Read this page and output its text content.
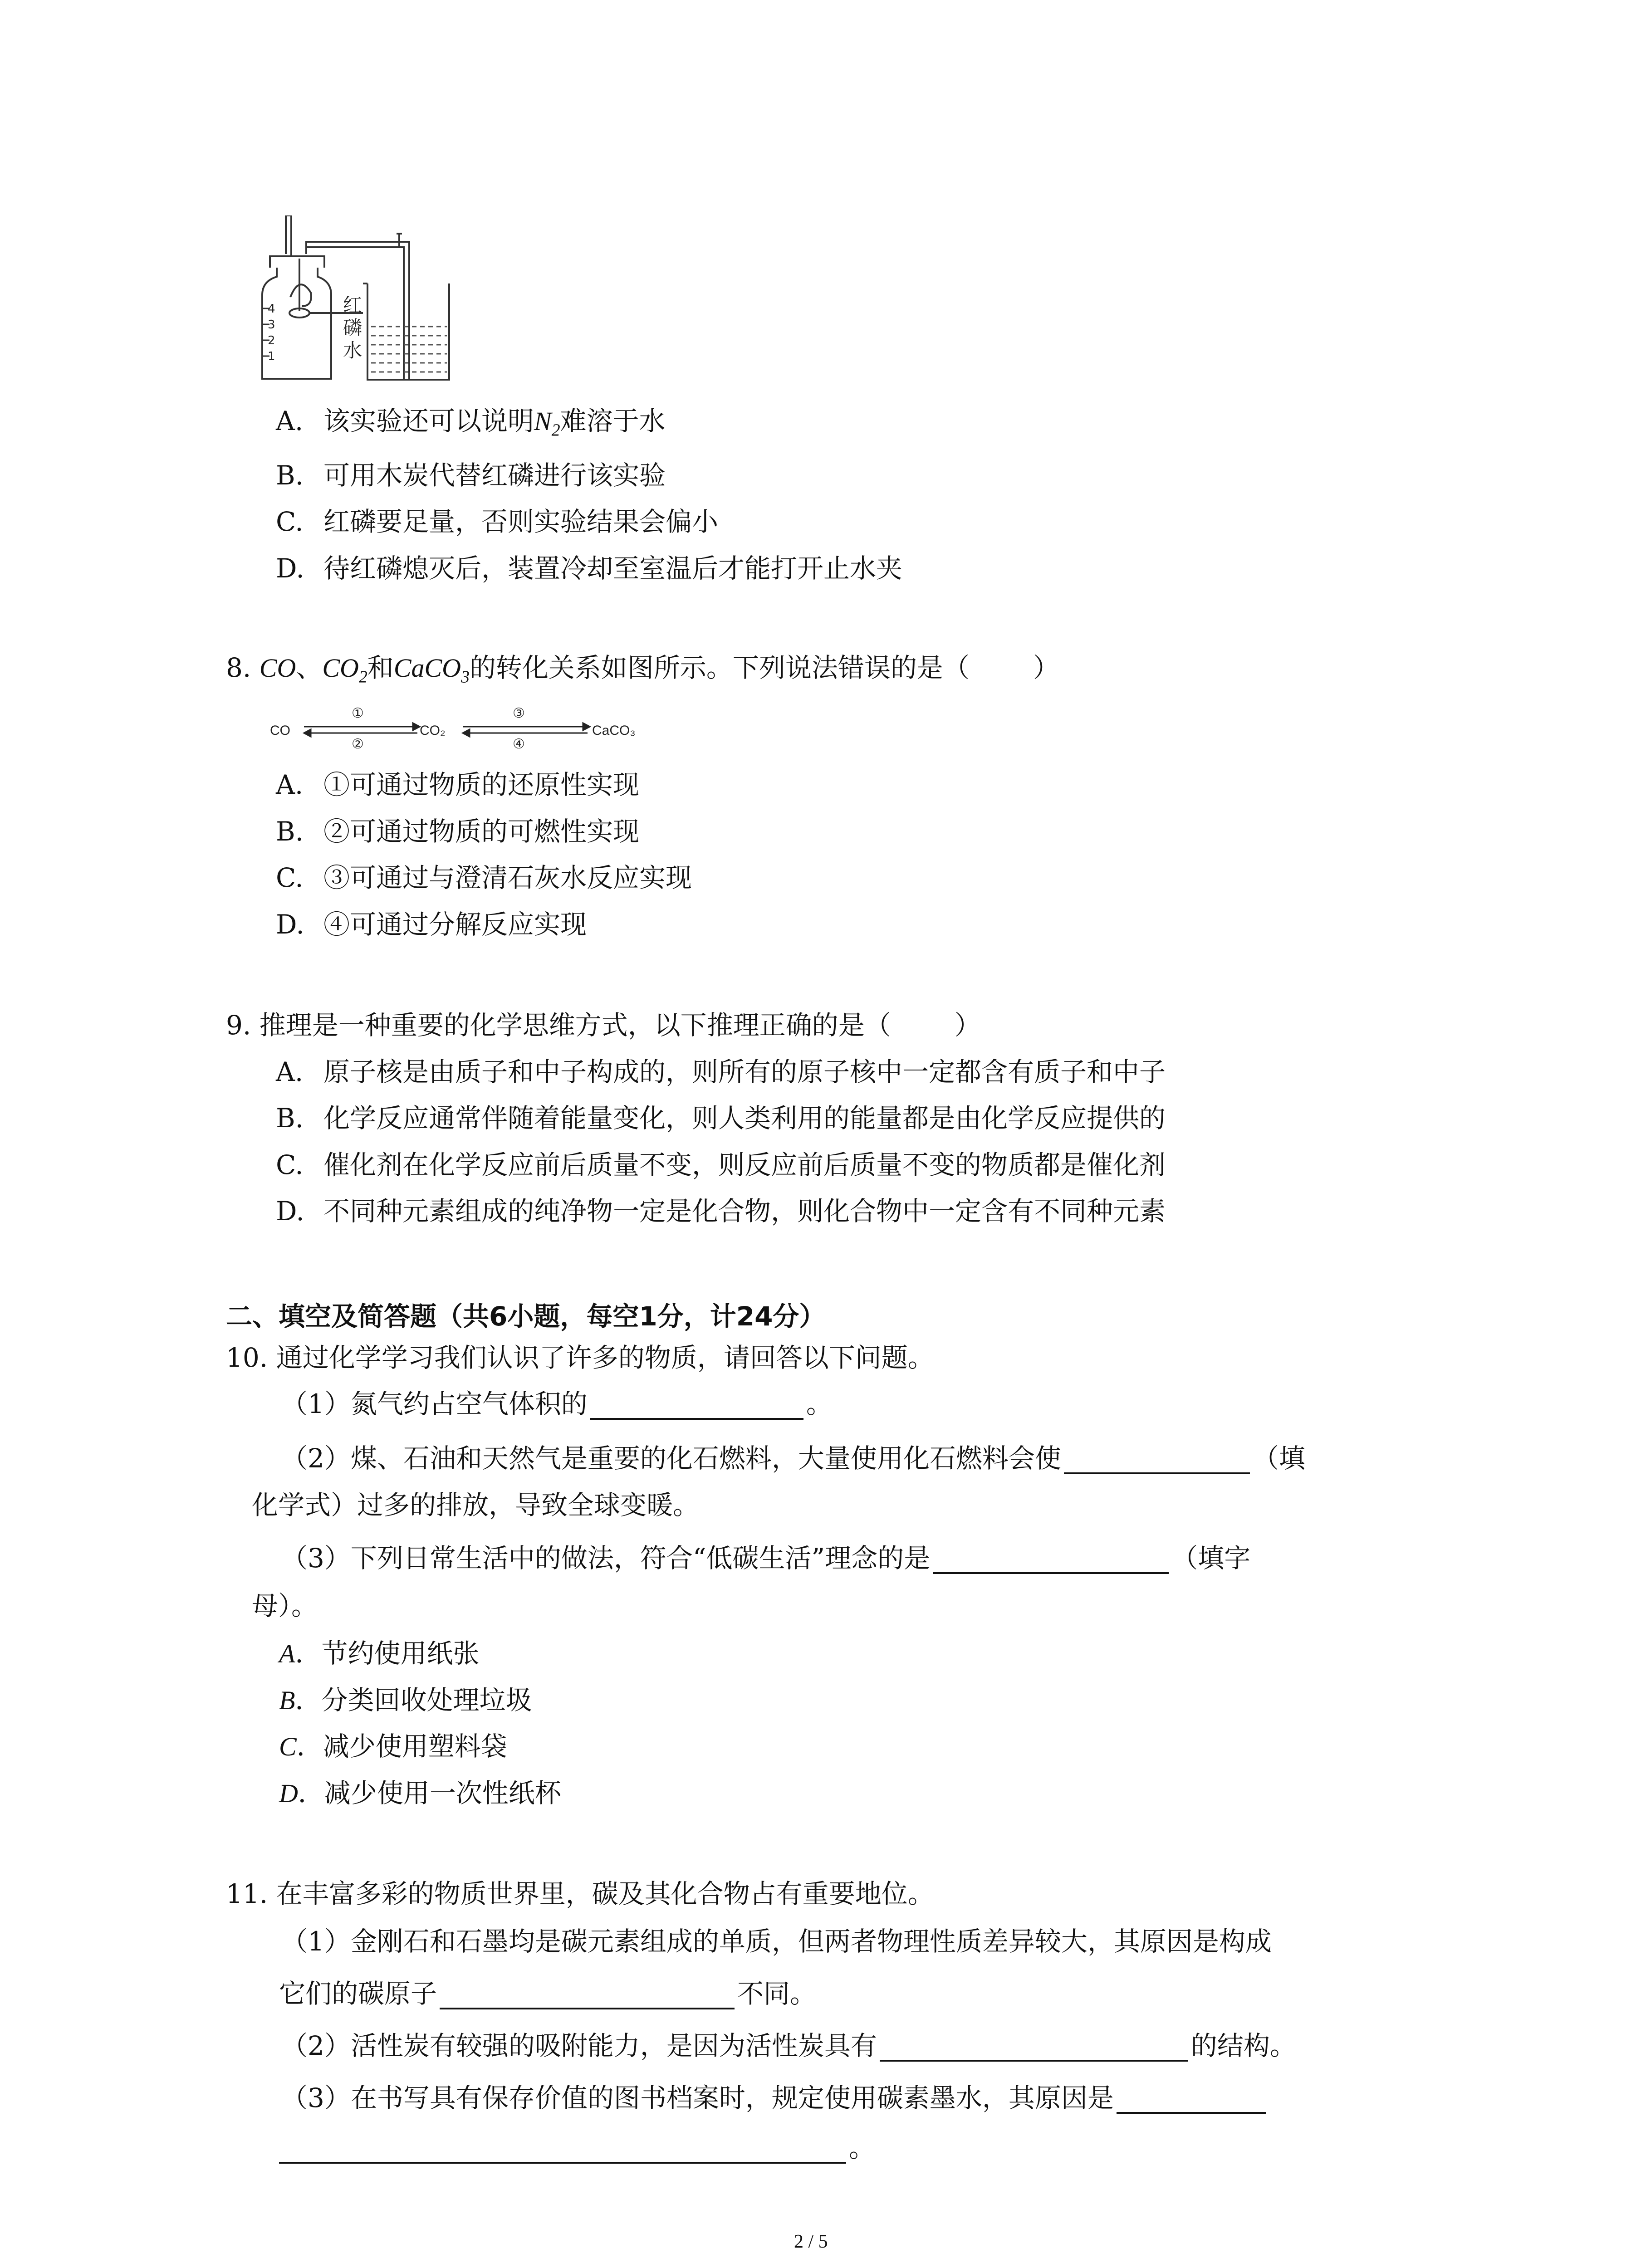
4
3
2
1
红
磷
水
A. 该实验还可以说明$N_2$难溶于水
B. 可用木炭代替红磷进行该实验
C. 红磷要足量，否则实验结果会偏小
D. 待红磷熄灭后，装置冷却至室温后才能打开止水夹
8. CO、$CO_2$和CaCO$_3$的转化关系如图所示。下列说法错误的是（ ）
CO	CO₂	CaCO₃
①
②
③
④
A. ①可通过物质的还原性实现
B. ②可通过物质的可燃性实现
C. ③可通过与澄清石灰水反应实现
D. ④可通过分解反应实现
9. 推理是一种重要的化学思维方式，以下推理正确的是（ ）
A. 原子核是由质子和中子构成的，则所有的原子核中一定都含有质子和中子
B. 化学反应通常伴随着能量变化，则人类利用的能量都是由化学反应提供的
C. 催化剂在化学反应前后质量不变，则反应前后质量不变的物质都是催化剂
D. 不同种元素组成的纯净物一定是化合物，则化合物中一定含有不同种元素
二、填空及简答题（共6小题，每空1分，计24分）
10. 通过化学学习我们认识了许多的物质，请回答以下问题。
（1）氮气约占空气体积的	。
（2）煤、石油和天然气是重要的化石燃料，大量使用化石燃料会使	（填
化学式）过多的排放，导致全球变暖。
（3）下列日常生活中的做法，符合“低碳生活”理念的是	（填字
母）。
A．节约使用纸张
B．分类回收处理垃圾
C．减少使用塑料袋
D．减少使用一次性纸杯
11. 在丰富多彩的物质世界里，碳及其化合物占有重要地位。
（1）金刚石和石墨均是碳元素组成的单质，但两者物理性质差异较大，其原因是构成
它们的碳原子	不同。
（2）活性炭有较强的吸附能力，是因为活性炭具有	的结构。
（3）在书写具有保存价值的图书档案时，规定使用碳素墨水，其原因是
。
2 / 5
